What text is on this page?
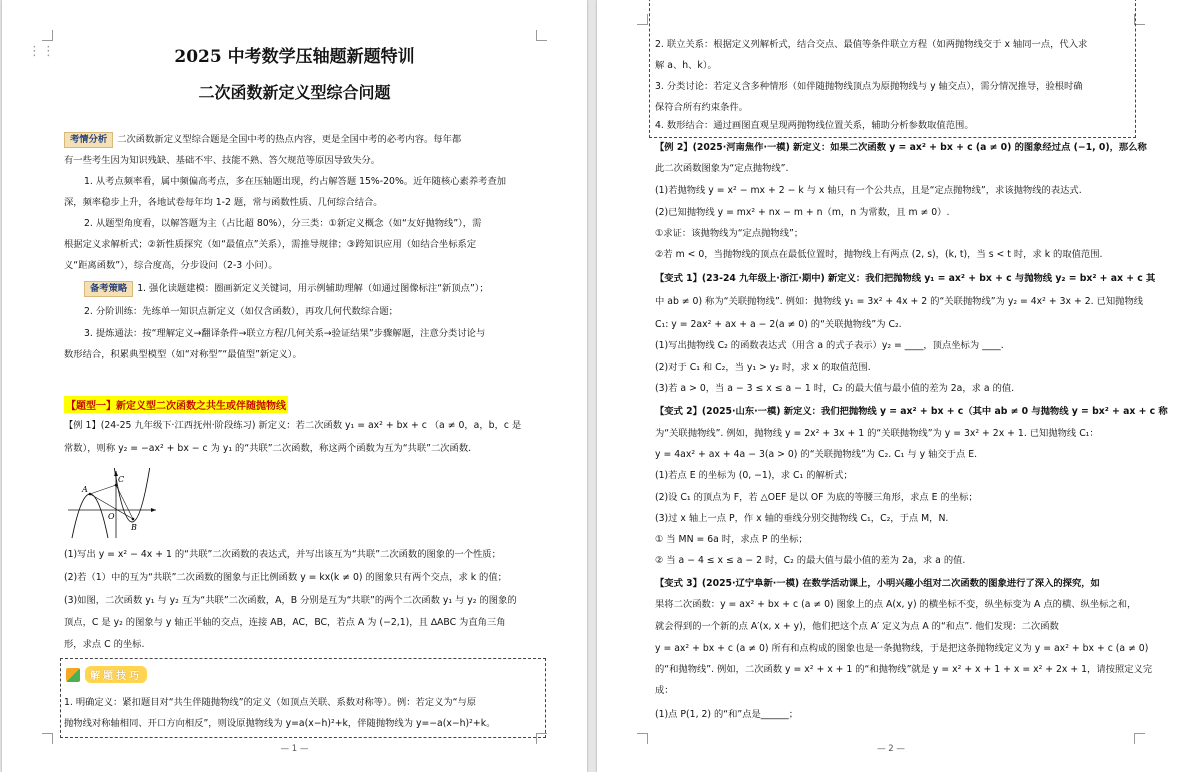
⋮⋮	2025 中考数学压轴题新题特训
二次函数新定义型综合问题
考情分析 二次函数新定义型综合题是全国中考的热点内容，更是全国中考的必考内容。每年都
有一些考生因为知识残缺、基础不牢、技能不熟、答欠规范等原因导致失分。
1. 从考点频率看，属中频偏高考点，多在压轴题出现，约占解答题 15%-20%。近年随核心素养考查加
深，频率稳步上升，各地试卷每年均 1-2 题，常与函数性质、几何综合结合。
2. 从题型角度看，以解答题为主（占比超 80%），分三类：①新定义概念（如“友好抛物线”），需
根据定义求解析式；②新性质探究（如“最值点”关系），需推导规律；③跨知识应用（如结合坐标系定
义“距离函数”），综合度高，分步设问（2-3 小问）。
备考策略 1. 强化读题建模：圈画新定义关键词，用示例辅助理解（如通过图像标注“新顶点”）；
2. 分阶训练：先练单一知识点新定义（如仅含函数），再攻几何代数综合题；
3. 提炼通法：按“理解定义→翻译条件→联立方程/几何关系→验证结果”步骤解题，注意分类讨论与
数形结合，积累典型模型（如“对称型”“最值型”新定义）。
【题型一】新定义型二次函数之共生或伴随抛物线
【例 1】(24-25 九年级下·江西抚州·阶段练习) 新定义：若二次函数 y₁ = ax² + bx + c （a ≠ 0，a，b，c 是
常数），则称 y₂ = −ax² + bx − c 为 y₁ 的“共联”二次函数，称这两个函数为互为“共联”二次函数.
A
C
O
B
(1)写出 y = x² − 4x + 1 的“共联”二次函数的表达式，并写出该互为“共联”二次函数的图象的一个性质；
(2)若（1）中的互为“共联”二次函数的图象与正比例函数 y = kx(k ≠ 0) 的图象只有两个交点，求 k 的值；
(3)如图，二次函数 y₁ 与 y₂ 互为“共联”二次函数，A，B 分别是互为“共联”的两个二次函数 y₁ 与 y₂ 的图象的
顶点，C 是 y₂ 的图象与 y 轴正半轴的交点，连接 AB，AC，BC，若点 A 为 (−2,1)，且 ∆ABC 为直角三角
形，求点 C 的坐标.
解题技巧
1. 明确定义：紧扣题目对“共生伴随抛物线”的定义（如顶点关联、系数对称等）。例：若定义为“与原
抛物线对称轴相同、开口方向相反”，则设原抛物线为 y=a(x−h)²+k，伴随抛物线为 y=−a(x−h)²+k。
— 1 —
2. 联立关系：根据定义列解析式，结合交点、最值等条件联立方程（如两抛物线交于 x 轴同一点，代入求
解 a、h、k）。
3. 分类讨论：若定义含多种情形（如伴随抛物线顶点为原抛物线与 y 轴交点），需分情况推导，验根时确
保符合所有约束条件。
4. 数形结合：通过画图直观呈现两抛物线位置关系，辅助分析参数取值范围。
【例 2】(2025·河南焦作·一模) 新定义：如果二次函数 y = ax² + bx + c (a ≠ 0) 的图象经过点 (−1, 0)，那么称
此二次函数图象为“定点抛物线”.
(1)若抛物线 y = x² − mx + 2 − k 与 x 轴只有一个公共点，且是“定点抛物线”，求该抛物线的表达式.
(2)已知抛物线 y = mx² + nx − m + n（m，n 为常数，且 m ≠ 0）.
①求证：该抛物线为“定点抛物线”；
②若 m < 0，当抛物线的顶点在最低位置时，抛物线上有两点 (2, s)，(k, t)，当 s < t 时，求 k 的取值范围.
【变式 1】(23-24 九年级上·浙江·期中) 新定义：我们把抛物线 y₁ = ax² + bx + c 与抛物线 y₂ = bx² + ax + c 其
中 ab ≠ 0) 称为“关联抛物线”. 例如：抛物线 y₁ = 3x² + 4x + 2 的“关联抛物线”为 y₂ = 4x² + 3x + 2. 已知抛物线
C₁: y = 2ax² + ax + a − 2(a ≠ 0) 的“关联抛物线”为 C₂.
(1)写出抛物线 C₂ 的函数表达式（用含 a 的式子表示）y₂ = ____，顶点坐标为 ____.
(2)对于 C₁ 和 C₂，当 y₁ > y₂ 时，求 x 的取值范围.
(3)若 a > 0，当 a − 3 ≤ x ≤ a − 1 时，C₂ 的最大值与最小值的差为 2a，求 a 的值.
【变式 2】(2025·山东·一模) 新定义：我们把抛物线 y = ax² + bx + c（其中 ab ≠ 0 与抛物线 y = bx² + ax + c 称
为“关联抛物线”. 例如，抛物线 y = 2x² + 3x + 1 的“关联抛物线”为 y = 3x² + 2x + 1. 已知抛物线 C₁：
y = 4ax² + ax + 4a − 3(a > 0) 的“关联抛物线”为 C₂. C₁ 与 y 轴交于点 E.
(1)若点 E 的坐标为 (0, −1)，求 C₁ 的解析式；
(2)设 C₁ 的顶点为 F，若 △OEF 是以 OF 为底的等腰三角形，求点 E 的坐标；
(3)过 x 轴上一点 P，作 x 轴的垂线分别交抛物线 C₁，C₂，于点 M，N.
① 当 MN = 6a 时，求点 P 的坐标；
② 当 a − 4 ≤ x ≤ a − 2 时，C₂ 的最大值与最小值的差为 2a，求 a 的值.
【变式 3】(2025·辽宁阜新·一模) 在数学活动课上，小明兴趣小组对二次函数的图象进行了深入的探究，如
果将二次函数：y = ax² + bx + c (a ≠ 0) 图象上的点 A(x, y) 的横坐标不变，纵坐标变为 A 点的横、纵坐标之和，
就会得到的一个新的点 A′(x, x + y)，他们把这个点 A′ 定义为点 A 的“和点”. 他们发现：二次函数
y = ax² + bx + c (a ≠ 0) 所有和点构成的图象也是一条抛物线，于是把这条抛物线定义为 y = ax² + bx + c (a ≠ 0)
的“和抛物线”. 例如，二次函数 y = x² + x + 1 的“和抛物线”就是 y = x² + x + 1 + x = x² + 2x + 1，请按照定义完
成：
(1)点 P(1, 2) 的“和”点是______；
— 2 —
